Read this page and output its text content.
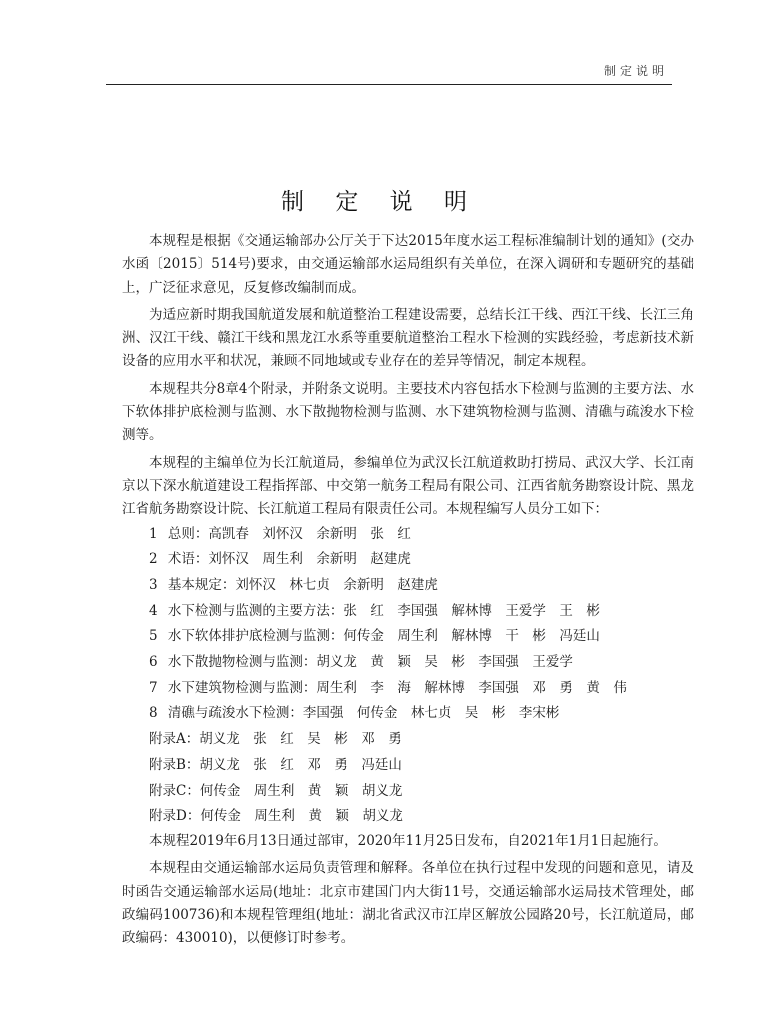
制定说明
制 定 说 明

本规程是根据《交通运输部办公厅关于下达2015年度水运工程标准编制计划的通知》(交办水函〔2015〕514号)要求，由交通运输部水运局组织有关单位，在深入调研和专题研究的基础上，广泛征求意见，反复修改编制而成。

为适应新时期我国航道发展和航道整治工程建设需要，总结长江干线、西江干线、长江三角洲、汉江干线、赣江干线和黑龙江水系等重要航道整治工程水下检测的实践经验，考虑新技术新设备的应用水平和状况，兼顾不同地域或专业存在的差异等情况，制定本规程。

本规程共分8章4个附录，并附条文说明。主要技术内容包括水下检测与监测的主要方法、水下软体排护底检测与监测、水下散抛物检测与监测、水下建筑物检测与监测、清礁与疏浚水下检测等。

本规程的主编单位为长江航道局，参编单位为武汉长江航道救助打捞局、武汉大学、长江南京以下深水航道建设工程指挥部、中交第一航务工程局有限公司、江西省航务勘察设计院、黑龙江省航务勘察设计院、长江航道工程局有限责任公司。本规程编写人员分工如下：

1 总则：高凯春　刘怀汉　余新明　张　红
2 术语：刘怀汉　周生利　余新明　赵建虎
3 基本规定：刘怀汉　林七贞　余新明　赵建虎
4 水下检测与监测的主要方法：张　红　李国强　解林博　王爱学　王　彬
5 水下软体排护底检测与监测：何传金　周生利　解林博　干　彬　冯廷山
6 水下散抛物检测与监测：胡义龙　黄　颖　吴　彬　李国强　王爱学
7 水下建筑物检测与监测：周生利　李　海　解林博　李国强　邓　勇　黄　伟
8 清礁与疏浚水下检测：李国强　何传金　林七贞　吴　彬　李宋彬
附录A：胡义龙　张　红　吴　彬　邓　勇
附录B：胡义龙　张　红　邓　勇　冯廷山
附录C：何传金　周生利　黄　颖　胡义龙
附录D：何传金　周生利　黄　颖　胡义龙

本规程2019年6月13日通过部审，2020年11月25日发布，自2021年1月1日起施行。

本规程由交通运输部水运局负责管理和解释。各单位在执行过程中发现的问题和意见，请及时函告交通运输部水运局(地址：北京市建国门内大街11号，交通运输部水运局技术管理处，邮政编码100736)和本规程管理组(地址：湖北省武汉市江岸区解放公园路20号，长江航道局，邮政编码：430010)，以便修订时参考。
